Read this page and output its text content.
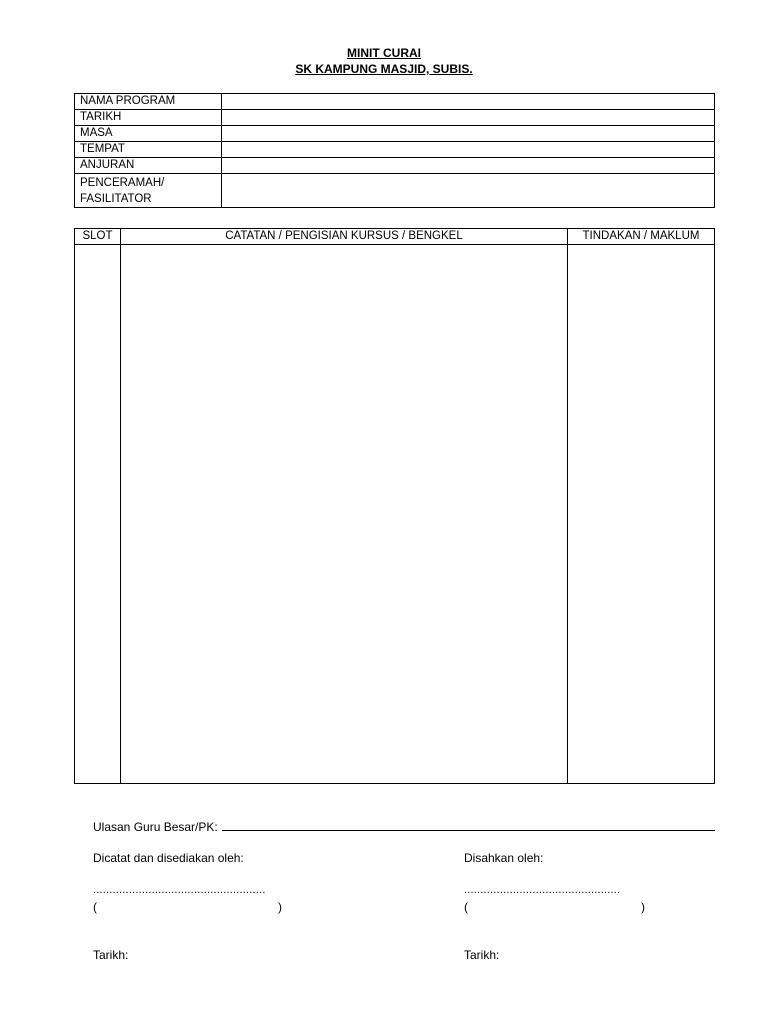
MINIT CURAI
SK KAMPUNG MASJID, SUBIS.
NAMA PROGRAM	
TARIKH	
MASA	
TEMPAT	
ANJURAN	

PENCERAMAH/
FASILITATOR	

SLOT	CATATAN / PENGISIAN KURSUS / BENGKEL	TINDAKAN / MAKLUM

Ulasan Guru Besar/PK:
Dicatat dan disediakan oleh:	Disahkan oleh:
.....................................................	................................................
(	)	(	)
Tarikh:	Tarikh:
